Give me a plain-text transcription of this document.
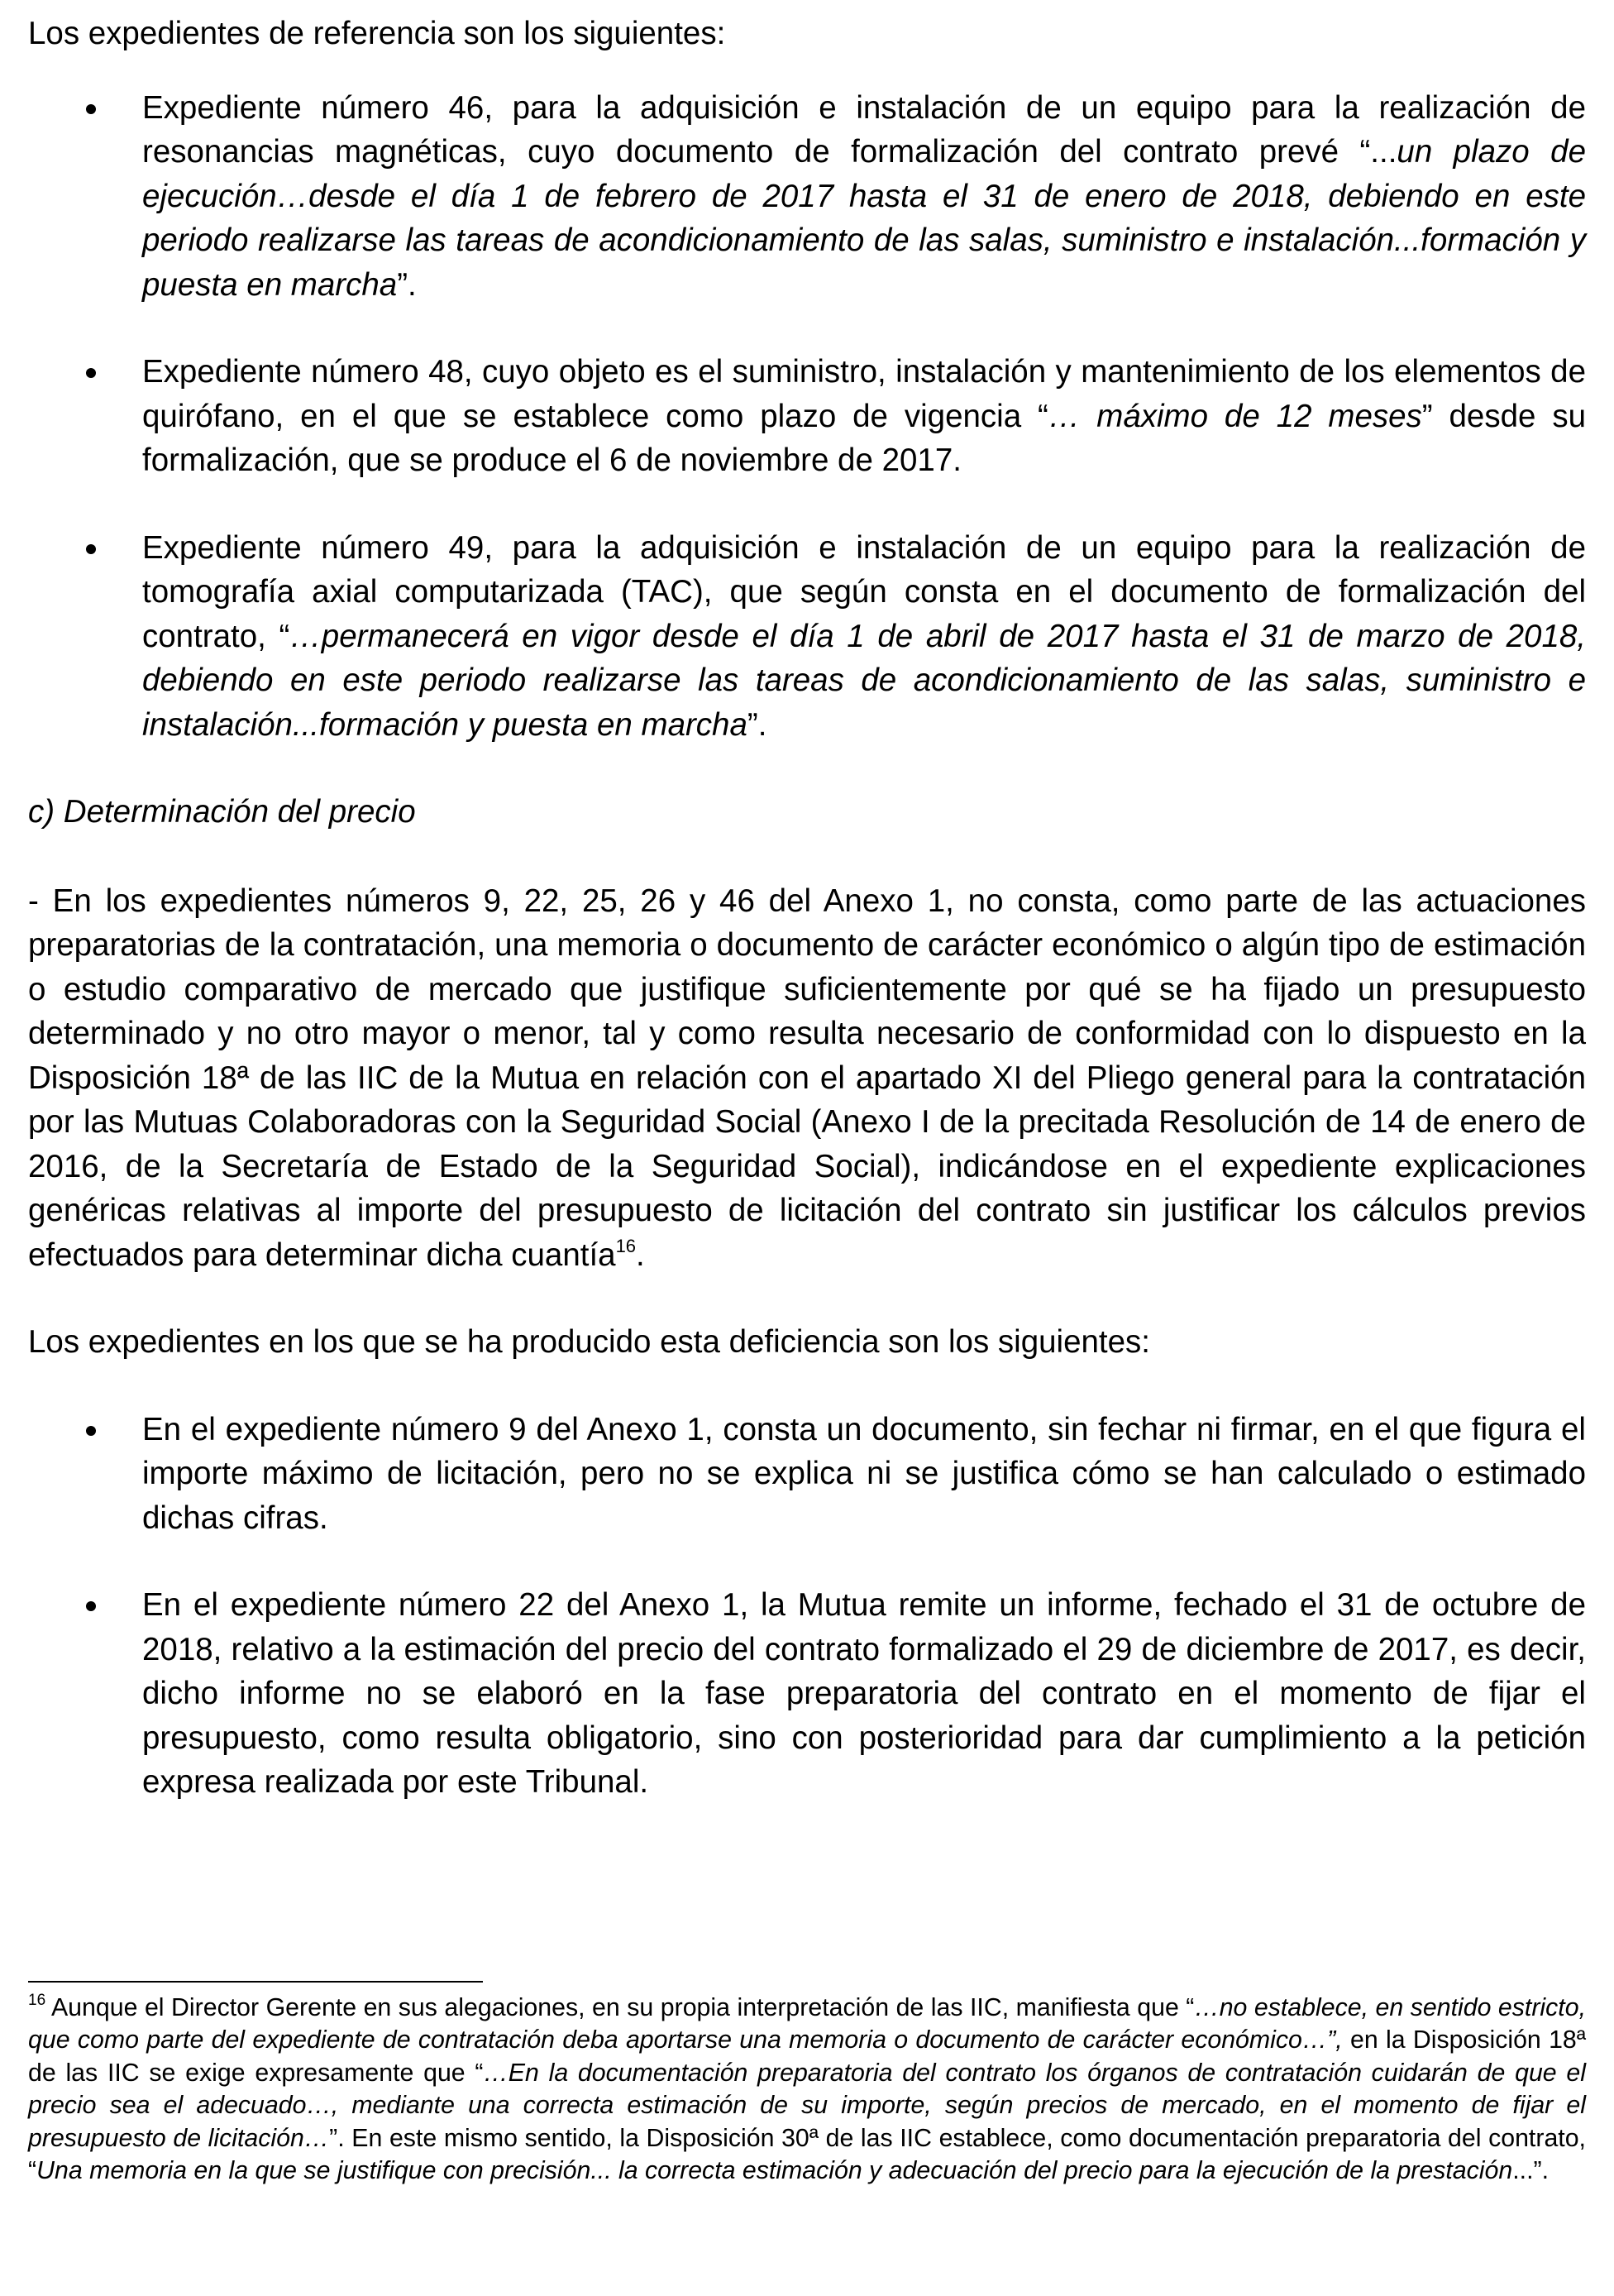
Los expedientes de referencia son los siguientes:

Expediente número 46, para la adquisición e instalación de un equipo para la realización de resonancias magnéticas, cuyo documento de formalización del contrato prevé “...un plazo de ejecución…desde el día 1 de febrero de 2017 hasta el 31 de enero de 2018, debiendo en este periodo realizarse las tareas de acondicionamiento de las salas, suministro e instalación...formación y puesta en marcha”.
Expediente número 48, cuyo objeto es el suministro, instalación y mantenimiento de los elementos de quirófano, en el que se establece como plazo de vigencia “… máximo de 12 meses” desde su formalización, que se produce el 6 de noviembre de 2017.
Expediente número 49, para la adquisición e instalación de un equipo para la realización de tomografía axial computarizada (TAC), que según consta en el documento de formalización del contrato, “…permanecerá en vigor desde el día 1 de abril de 2017 hasta el 31 de marzo de 2018, debiendo en este periodo realizarse las tareas de acondicionamiento de las salas, suministro e instalación...formación y puesta en marcha”.

c) Determinación del precio

- En los expedientes números 9, 22, 25, 26 y 46 del Anexo 1, no consta, como parte de las actuaciones preparatorias de la contratación, una memoria o documento de carácter económico o algún tipo de estimación o estudio comparativo de mercado que justifique suficientemente por qué se ha fijado un presupuesto determinado y no otro mayor o menor, tal y como resulta necesario de conformidad con lo dispuesto en la Disposición 18ª de las IIC de la Mutua en relación con el apartado XI del Pliego general para la contratación por las Mutuas Colaboradoras con la Seguridad Social (Anexo I de la precitada Resolución de 14 de enero de 2016, de la Secretaría de Estado de la Seguridad Social), indicándose en el expediente explicaciones genéricas relativas al importe del presupuesto de licitación del contrato sin justificar los cálculos previos efectuados para determinar dicha cuantía$^{16}$.

Los expedientes en los que se ha producido esta deficiencia son los siguientes:

En el expediente número 9 del Anexo 1, consta un documento, sin fechar ni firmar, en el que figura el importe máximo de licitación, pero no se explica ni se justifica cómo se han calculado o estimado dichas cifras.
En el expediente número 22 del Anexo 1, la Mutua remite un informe, fechado el 31 de octubre de 2018, relativo a la estimación del precio del contrato formalizado el 29 de diciembre de 2017, es decir, dicho informe no se elaboró en la fase preparatoria del contrato en el momento de fijar el presupuesto, como resulta obligatorio, sino con posterioridad para dar cumplimiento a la petición expresa realizada por este Tribunal.
$^{16}$ Aunque el Director Gerente en sus alegaciones, en su propia interpretación de las IIC, manifiesta que “…no establece, en sentido estricto, que como parte del expediente de contratación deba aportarse una memoria o documento de carácter económico…”, en la Disposición 18ª de las IIC se exige expresamente que “…En la documentación preparatoria del contrato los órganos de contratación cuidarán de que el precio sea el adecuado…, mediante una correcta estimación de su importe, según precios de mercado, en el momento de fijar el presupuesto de licitación…”. En este mismo sentido, la Disposición 30ª de las IIC establece, como documentación preparatoria del contrato, “Una memoria en la que se justifique con precisión... la correcta estimación y adecuación del precio para la ejecución de la prestación...”.
